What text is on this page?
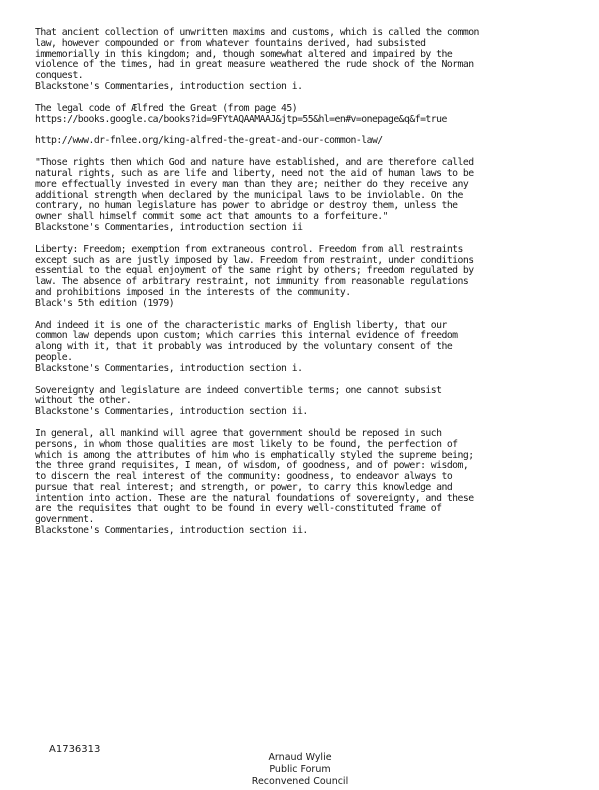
That ancient collection of unwritten maxims and customs, which is called the common
law, however compounded or from whatever fountains derived, had subsisted
immemorially in this kingdom; and, though somewhat altered and impaired by the
violence of the times, had in great measure weathered the rude shock of the Norman
conquest.
Blackstone's Commentaries, introduction section i.
The legal code of Ælfred the Great (from page 45)
https://books.google.ca/books?id=9FYtAQAAMAAJ&jtp=55&hl=en#v=onepage&q&f=true
http://www.dr-fnlee.org/king-alfred-the-great-and-our-common-law/
"Those rights then which God and nature have established, and are therefore called
natural rights, such as are life and liberty, need not the aid of human laws to be
more effectually invested in every man than they are; neither do they receive any
additional strength when declared by the municipal laws to be inviolable. On the
contrary, no human legislature has power to abridge or destroy them, unless the
owner shall himself commit some act that amounts to a forfeiture."
Blackstone's Commentaries, introduction section ii
Liberty: Freedom; exemption from extraneous control. Freedom from all restraints
except such as are justly imposed by law. Freedom from restraint, under conditions
essential to the equal enjoyment of the same right by others; freedom regulated by
law. The absence of arbitrary restraint, not immunity from reasonable regulations
and prohibitions imposed in the interests of the community.
Black's 5th edition (1979)
And indeed it is one of the characteristic marks of English liberty, that our
common law depends upon custom; which carries this internal evidence of freedom
along with it, that it probably was introduced by the voluntary consent of the
people.
Blackstone's Commentaries, introduction section i.
Sovereignty and legislature are indeed convertible terms; one cannot subsist
without the other.
Blackstone's Commentaries, introduction section ii.
In general, all mankind will agree that government should be reposed in such
persons, in whom those qualities are most likely to be found, the perfection of
which is among the attributes of him who is emphatically styled the supreme being;
the three grand requisites, I mean, of wisdom, of goodness, and of power: wisdom,
to discern the real interest of the community: goodness, to endeavor always to
pursue that real interest; and strength, or power, to carry this knowledge and
intention into action. These are the natural foundations of sovereignty, and these
are the requisites that ought to be found in every well-constituted frame of
government.
Blackstone's Commentaries, introduction section ii.
A1736313
Arnaud Wylie
Public Forum
Reconvened Council
